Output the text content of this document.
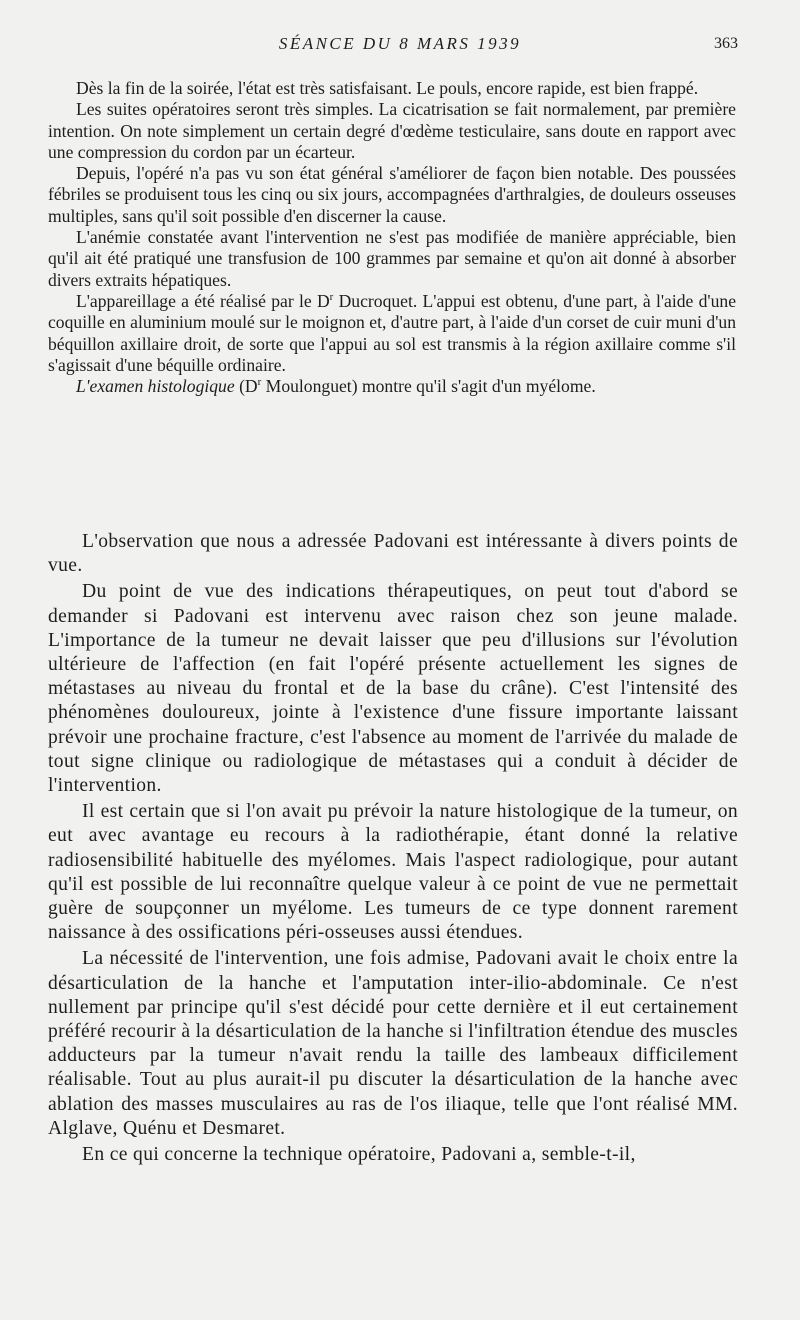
SÉANCE DU 8 MARS 1939	363

Dès la fin de la soirée, l'état est très satisfaisant. Le pouls, encore rapide, est bien frappé.

Les suites opératoires seront très simples. La cicatrisation se fait normalement, par première intention. On note simplement un certain degré d'œdème testiculaire, sans doute en rapport avec une compression du cordon par un écarteur.

Depuis, l'opéré n'a pas vu son état général s'améliorer de façon bien notable. Des poussées fébriles se produisent tous les cinq ou six jours, accompagnées d'arthralgies, de douleurs osseuses multiples, sans qu'il soit possible d'en discerner la cause.

L'anémie constatée avant l'intervention ne s'est pas modifiée de manière appréciable, bien qu'il ait été pratiqué une transfusion de 100 grammes par semaine et qu'on ait donné à absorber divers extraits hépatiques.

L'appareillage a été réalisé par le $D^r$ Ducroquet. L'appui est obtenu, d'une part, à l'aide d'une coquille en aluminium moulé sur le moignon et, d'autre part, à l'aide d'un corset de cuir muni d'un béquillon axillaire droit, de sorte que l'appui au sol est transmis à la région axillaire comme s'il s'agissait d'une béquille ordinaire.

L'examen histologique ($D^r$ Moulonguet) montre qu'il s'agit d'un myélome.

L'observation que nous a adressée Padovani est intéressante à divers points de vue.

Du point de vue des indications thérapeutiques, on peut tout d'abord se demander si Padovani est intervenu avec raison chez son jeune malade. L'importance de la tumeur ne devait laisser que peu d'illusions sur l'évolution ultérieure de l'affection (en fait l'opéré présente actuellement les signes de métastases au niveau du frontal et de la base du crâne). C'est l'intensité des phénomènes douloureux, jointe à l'existence d'une fissure importante laissant prévoir une prochaine fracture, c'est l'absence au moment de l'arrivée du malade de tout signe clinique ou radiologique de métastases qui a conduit à décider de l'intervention.

Il est certain que si l'on avait pu prévoir la nature histologique de la tumeur, on eut avec avantage eu recours à la radiothérapie, étant donné la relative radiosensibilité habituelle des myélomes. Mais l'aspect radiologique, pour autant qu'il est possible de lui reconnaître quelque valeur à ce point de vue ne permettait guère de soupçonner un myélome. Les tumeurs de ce type donnent rarement naissance à des ossifications péri-osseuses aussi étendues.

La nécessité de l'intervention, une fois admise, Padovani avait le choix entre la désarticulation de la hanche et l'amputation inter-ilio-abdominale. Ce n'est nullement par principe qu'il s'est décidé pour cette dernière et il eut certainement préféré recourir à la désarticulation de la hanche si l'infiltration étendue des muscles adducteurs par la tumeur n'avait rendu la taille des lambeaux difficilement réalisable. Tout au plus aurait-il pu discuter la désarticulation de la hanche avec ablation des masses musculaires au ras de l'os iliaque, telle que l'ont réalisé MM. Alglave, Quénu et Desmaret.

En ce qui concerne la technique opératoire, Padovani a, semble-t-il,
